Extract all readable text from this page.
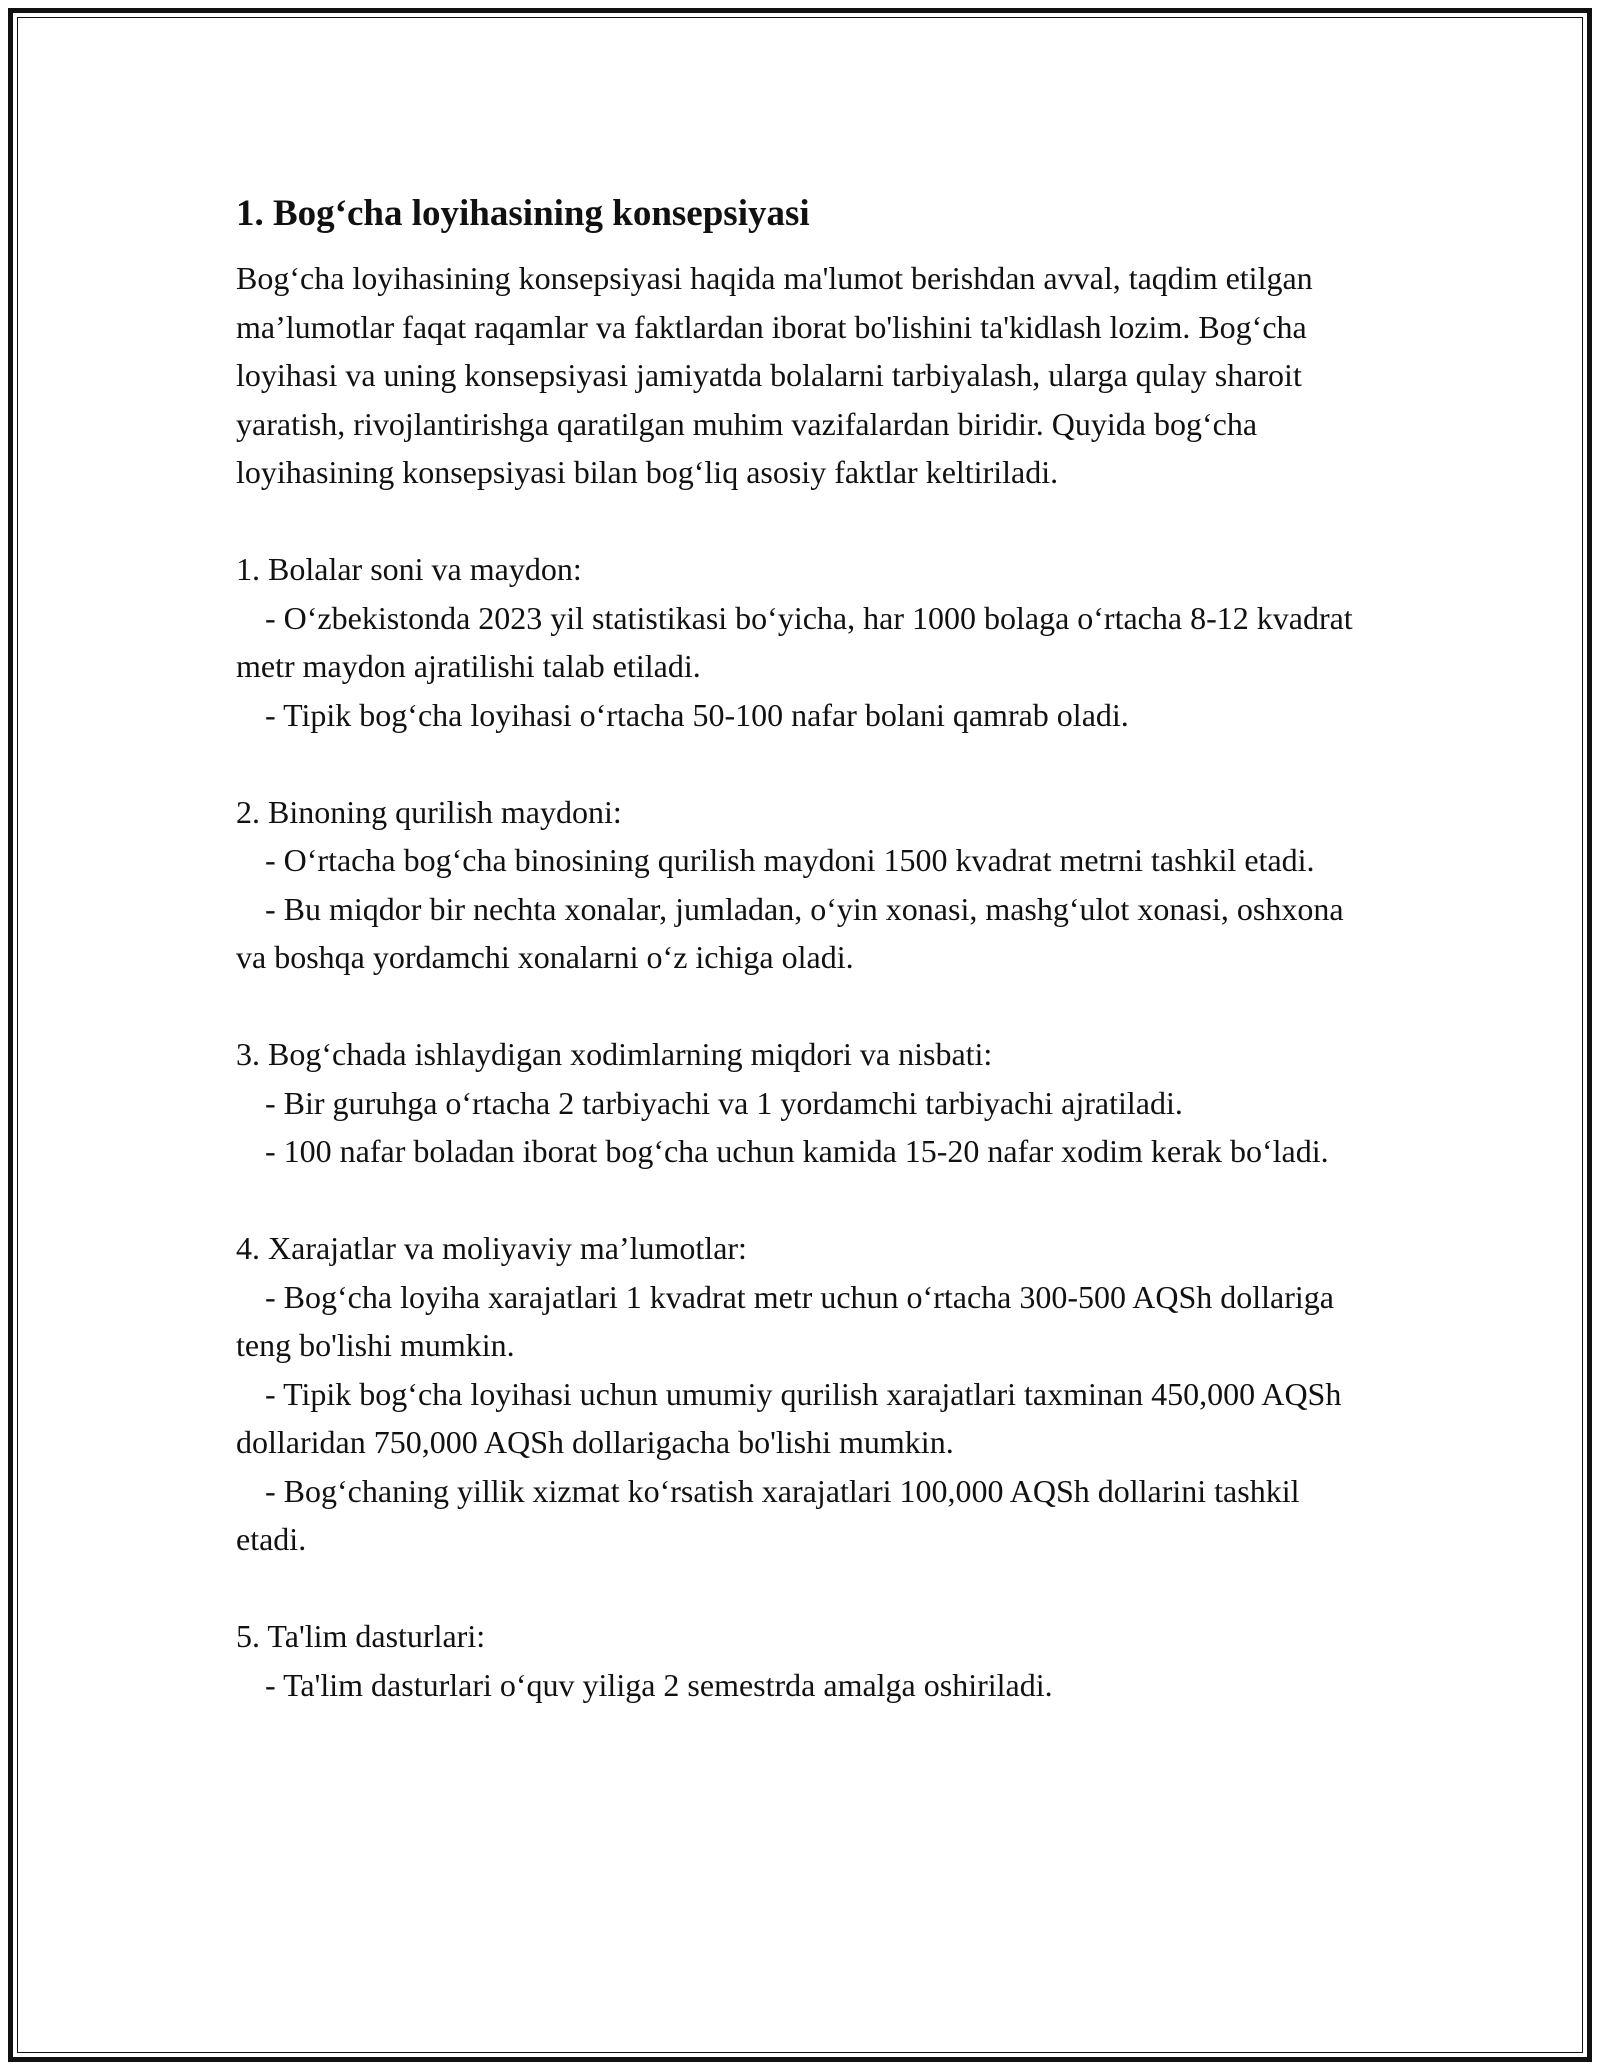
1. Bog‘cha loyihasining konsepsiyasi

Bog‘cha loyihasining konsepsiyasi haqida ma'lumot berishdan avval, taqdim etilgan ma’lumotlar faqat raqamlar va faktlardan iborat bo'lishini ta'kidlash lozim. Bog‘cha loyihasi va uning konsepsiyasi jamiyatda bolalarni tarbiyalash, ularga qulay sharoit yaratish, rivojlantirishga qaratilgan muhim vazifalardan biridir. Quyida bog‘cha loyihasining konsepsiyasi bilan bog‘liq asosiy faktlar keltiriladi.

1. Bolalar soni va maydon:

- O‘zbekistonda 2023 yil statistikasi bo‘yicha, har 1000 bolaga o‘rtacha 8-12 kvadrat metr maydon ajratilishi talab etiladi.

- Tipik bog‘cha loyihasi o‘rtacha 50-100 nafar bolani qamrab oladi.

2. Binoning qurilish maydoni:

- O‘rtacha bog‘cha binosining qurilish maydoni 1500 kvadrat metrni tashkil etadi.

- Bu miqdor bir nechta xonalar, jumladan, o‘yin xonasi, mashg‘ulot xonasi, oshxona va boshqa yordamchi xonalarni o‘z ichiga oladi.

3. Bog‘chada ishlaydigan xodimlarning miqdori va nisbati:

- Bir guruhga o‘rtacha 2 tarbiyachi va 1 yordamchi tarbiyachi ajratiladi.

- 100 nafar boladan iborat bog‘cha uchun kamida 15-20 nafar xodim kerak bo‘ladi.

4. Xarajatlar va moliyaviy ma’lumotlar:

- Bog‘cha loyiha xarajatlari 1 kvadrat metr uchun o‘rtacha 300-500 AQSh dollariga teng bo'lishi mumkin.

- Tipik bog‘cha loyihasi uchun umumiy qurilish xarajatlari taxminan 450,000 AQSh dollaridan 750,000 AQSh dollarigacha bo'lishi mumkin.

- Bog‘chaning yillik xizmat ko‘rsatish xarajatlari 100,000 AQSh dollarini tashkil etadi.

5. Ta'lim dasturlari:

- Ta'lim dasturlari o‘quv yiliga 2 semestrda amalga oshiriladi.
